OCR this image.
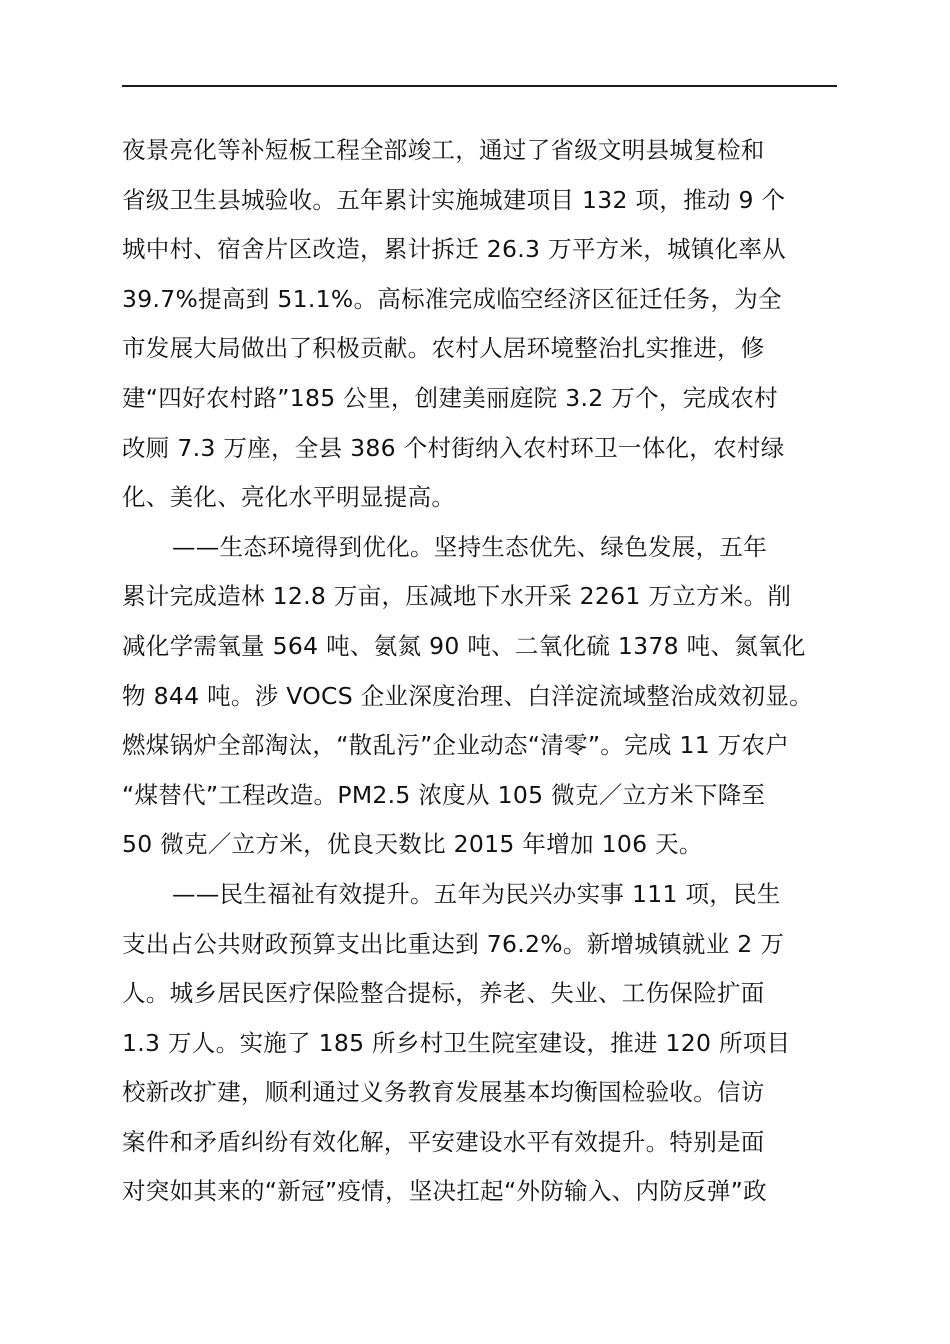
夜景亮化等补短板工程全部竣工，通过了省级文明县城复检和
省级卫生县城验收。五年累计实施城建项目 132 项，推动 9 个
城中村、宿舍片区改造，累计拆迁 26.3 万平方米，城镇化率从
39.7%提高到 51.1%。高标准完成临空经济区征迁任务，为全
市发展大局做出了积极贡献。农村人居环境整治扎实推进，修
建“四好农村路”185 公里，创建美丽庭院 3.2 万个，完成农村
改厕 7.3 万座，全县 386 个村街纳入农村环卫一体化，农村绿
化、美化、亮化水平明显提高。
——生态环境得到优化。坚持生态优先、绿色发展，五年
累计完成造林 12.8 万亩，压减地下水开采 2261 万立方米。削
减化学需氧量 564 吨、氨氮 90 吨、二氧化硫 1378 吨、氮氧化
物 844 吨。涉 VOCS 企业深度治理、白洋淀流域整治成效初显。
燃煤锅炉全部淘汰，“散乱污”企业动态“清零”。完成 11 万农户
“煤替代”工程改造。PM2.5 浓度从 105 微克／立方米下降至
50 微克／立方米，优良天数比 2015 年增加 106 天。
——民生福祉有效提升。五年为民兴办实事 111 项，民生
支出占公共财政预算支出比重达到 76.2%。新增城镇就业 2 万
人。城乡居民医疗保险整合提标，养老、失业、工伤保险扩面
1.3 万人。实施了 185 所乡村卫生院室建设，推进 120 所项目
校新改扩建，顺利通过义务教育发展基本均衡国检验收。信访
案件和矛盾纠纷有效化解，平安建设水平有效提升。特别是面
对突如其来的“新冠”疫情，坚决扛起“外防输入、内防反弹”政
